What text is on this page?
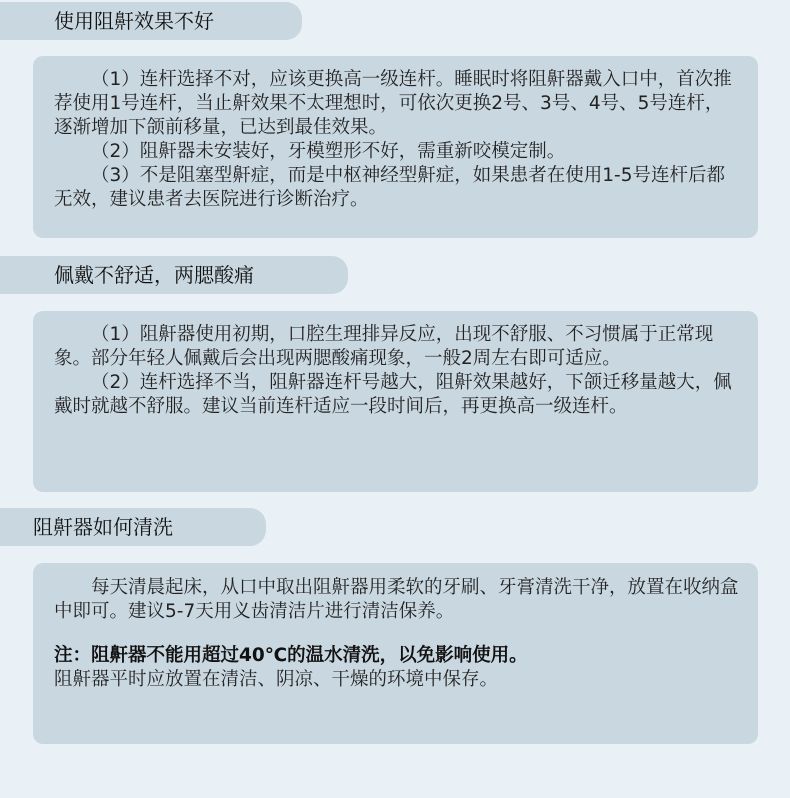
使用阻鼾效果不好

（1）连杆选择不对，应该更换高一级连杆。睡眠时将阻鼾器戴入口中，首次推荐使用1号连杆，当止鼾效果不太理想时，可依次更换2号、3号、4号、5号连杆，逐渐增加下颌前移量，已达到最佳效果。

（2）阻鼾器未安装好，牙模塑形不好，需重新咬模定制。

（3）不是阻塞型鼾症，而是中枢神经型鼾症，如果患者在使用1-5号连杆后都无效，建议患者去医院进行诊断治疗。

佩戴不舒适，两腮酸痛

（1）阻鼾器使用初期，口腔生理排异反应，出现不舒服、不习惯属于正常现象。部分年轻人佩戴后会出现两腮酸痛现象，一般2周左右即可适应。

（2）连杆选择不当，阻鼾器连杆号越大，阻鼾效果越好，下颌迁移量越大，佩戴时就越不舒服。建议当前连杆适应一段时间后，再更换高一级连杆。

阻鼾器如何清洗

每天清晨起床，从口中取出阻鼾器用柔软的牙刷、牙膏清洗干净，放置在收纳盒中即可。建议5-7天用义齿清洁片进行清洁保养。

注：阻鼾器不能用超过40℃的温水清洗，以免影响使用。

阻鼾器平时应放置在清洁、阴凉、干燥的环境中保存。
